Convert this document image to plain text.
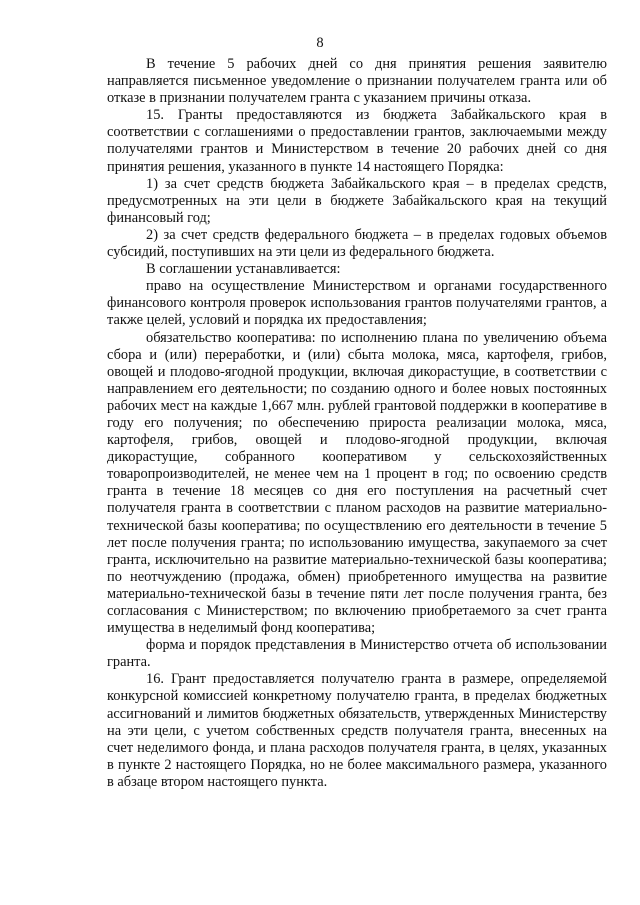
8

В течение 5 рабочих дней со дня принятия решения заявителю направляется письменное уведомление о признании получателем гранта или об отказе в признании получателем гранта с указанием причины отказа.

15. Гранты предоставляются из бюджета Забайкальского края в соответствии с соглашениями о предоставлении грантов, заключаемыми между получателями грантов и Министерством в течение 20 рабочих дней со дня принятия решения, указанного в пункте 14 настоящего Порядка:

1) за счет средств бюджета Забайкальского края – в пределах средств, предусмотренных на эти цели в бюджете Забайкальского края на текущий финансовый год;

2) за счет средств федерального бюджета – в пределах годовых объемов субсидий, поступивших на эти цели из федерального бюджета.

В соглашении устанавливается:

право на осуществление Министерством и органами государственного финансового контроля проверок использования грантов получателями грантов, а также целей, условий и порядка их предоставления;

обязательство кооператива: по исполнению плана по увеличению объема сбора и (или) переработки, и (или) сбыта молока, мяса, картофеля, грибов, овощей и плодово-ягодной продукции, включая дикорастущие, в соответствии с направлением его деятельности; по созданию одного и более новых постоянных рабочих мест на каждые 1,667 млн. рублей грантовой поддержки в кооперативе в году его получения; по обеспечению прироста реализации молока, мяса, картофеля, грибов, овощей и плодово-ягодной продукции, включая дикорастущие, собранного кооперативом у сельскохозяйственных товаропроизводителей, не менее чем на 1 процент в год; по освоению средств гранта в течение 18 месяцев со дня его поступления на расчетный счет получателя гранта в соответствии с планом расходов на развитие материально-технической базы кооператива; по осуществлению его деятельности в течение 5 лет после получения гранта; по использованию имущества, закупаемого за счет гранта, исключительно на развитие материально-технической базы кооператива; по неотчуждению (продажа, обмен) приобретенного имущества на развитие материально-технической базы в течение пяти лет после получения гранта, без согласования с Министерством; по включению приобретаемого за счет гранта имущества в неделимый фонд кооператива;

форма и порядок представления в Министерство отчета об использовании гранта.

16. Грант предоставляется получателю гранта в размере, определяемой конкурсной комиссией конкретному получателю гранта, в пределах бюджетных ассигнований и лимитов бюджетных обязательств, утвержденных Министерству на эти цели, с учетом собственных средств получателя гранта, внесенных на счет неделимого фонда, и плана расходов получателя гранта, в целях, указанных в пункте 2 настоящего Порядка, но не более максимального размера, указанного в абзаце втором настоящего пункта.
